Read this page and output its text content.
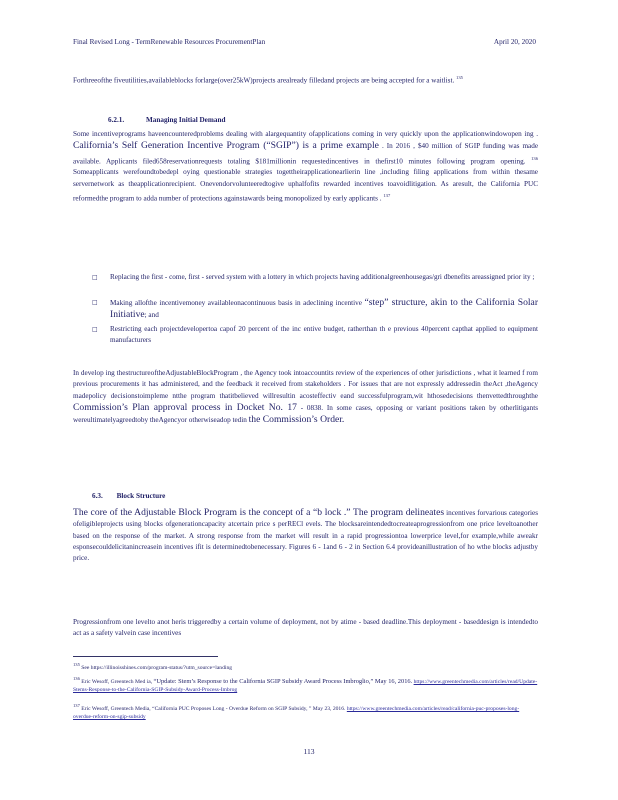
Final Revised Long - TermRenewable Resources ProcurementPlan	April 20, 2020
Forthreeofthe fiveutilities,availableblocks forlarge(over25kW)projects arealready filledand projects are being accepted for a waitlist. $^{135}$
6.2.1.	Managing Initial Demand
Some incentiveprograms haveencounteredproblems dealing with alargequantity ofapplications coming in very quickly upon the applicationwindowopen ing . California’s Self Generation Incentive Program (“SGIP”) is a prime example . In 2016 , $40 million of SGIP funding was made available. Applicants filed658reservationrequests totaling $181millionin requestedincentives in thefirst10 minutes following program opening. $^{136}$ Someapplicants werefoundtobedepl oying questionable strategies togettheirapplicationearlierin line ,including filing applications from within thesame servernetwork as theapplicationrecipient. Onevendorvolunteeredtogive uphalfofits rewarded incentives toavoidlitigation. As aresult, the California PUC reformedthe program to adda number of protections againstawards being monopolized by early applicants . $^{137}$
□ Replacing the first - come, first - served system with a lottery in which projects having additionalgreenhousegas/gri dbenefits areassigned prior ity ;
□ Making allofthe incentivemoney availableonacontinuous basis in adeclining incentive “step” structure, akin to the California Solar Initiative; and
□ Restricting each projectdevelopertoa capof 20 percent of the inc entive budget, ratherthan th e previous 40percent capthat applied to equipment manufacturers
In develop ing thestructureoftheAdjustableBlockProgram , the Agency took intoaccountits review of the experiences of other jurisdictions , what it learned f rom previous procurements it has administered, and the feedback it received from stakeholders . For issues that are not expressly addressedin theAct ,theAgency madepolicy decisionstoimpleme ntthe program thatitbelieved willresultin acosteffectiv eand successfulprogram,wit hthosedecisions thenvettedthroughthe Commission’s Plan approval process in Docket No. 17 - 0838. In some cases, opposing or variant positions taken by otherlitigants wereultimatelyagreedtoby theAgencyor otherwiseadop tedin the Commission’s Order.
6.3. Block Structure
The core of the Adjustable Block Program is the concept of a “b lock .” The program delineates incentives forvarious categories ofeligibleprojects using blocks ofgenerationcapacity atcertain price s perRECl evels. The blocksareintendedtocreateaprogressionfrom one price leveltoanother based on the response of the market. A strong response from the market will result in a rapid progressiontoa lowerprice level,for example,while aweakr esponsecouldelicitanincreasein incentives ifit is determinedtobenecessary. Figures 6 - 1and 6 - 2 in Section 6.4 provideanillustration of ho wthe blocks adjustby price.
Progressionfrom one levelto anot heris triggeredby a certain volume of deployment, not by atime - based deadline.This deployment - baseddesign is intendedto act as a safety valvein case incentives
$^{135}$ See https://illinoisshines.com/program-status/?utm_source=landing
$^{136}$ Eric Wesoff, Greentech Med ia, “Update: Stem’s Response to the California SGIP Subsidy Award Process Imbroglio,” May 16, 2016. https://www.greentechmedia.com/articles/read/Update-Stems-Response-to-the-California-SGIP-Subsidy-Award-Process-Imbrog
$^{137}$ Eric Wesoff, Greentech Media, “California PUC Proposes Long - Overdue Reform on SGIP Subsidy, ” May 23, 2016. https://www.greentechmedia.com/articles/read/california-puc-proposes-long-overdue-reform-on-sgip-subsidy
113
